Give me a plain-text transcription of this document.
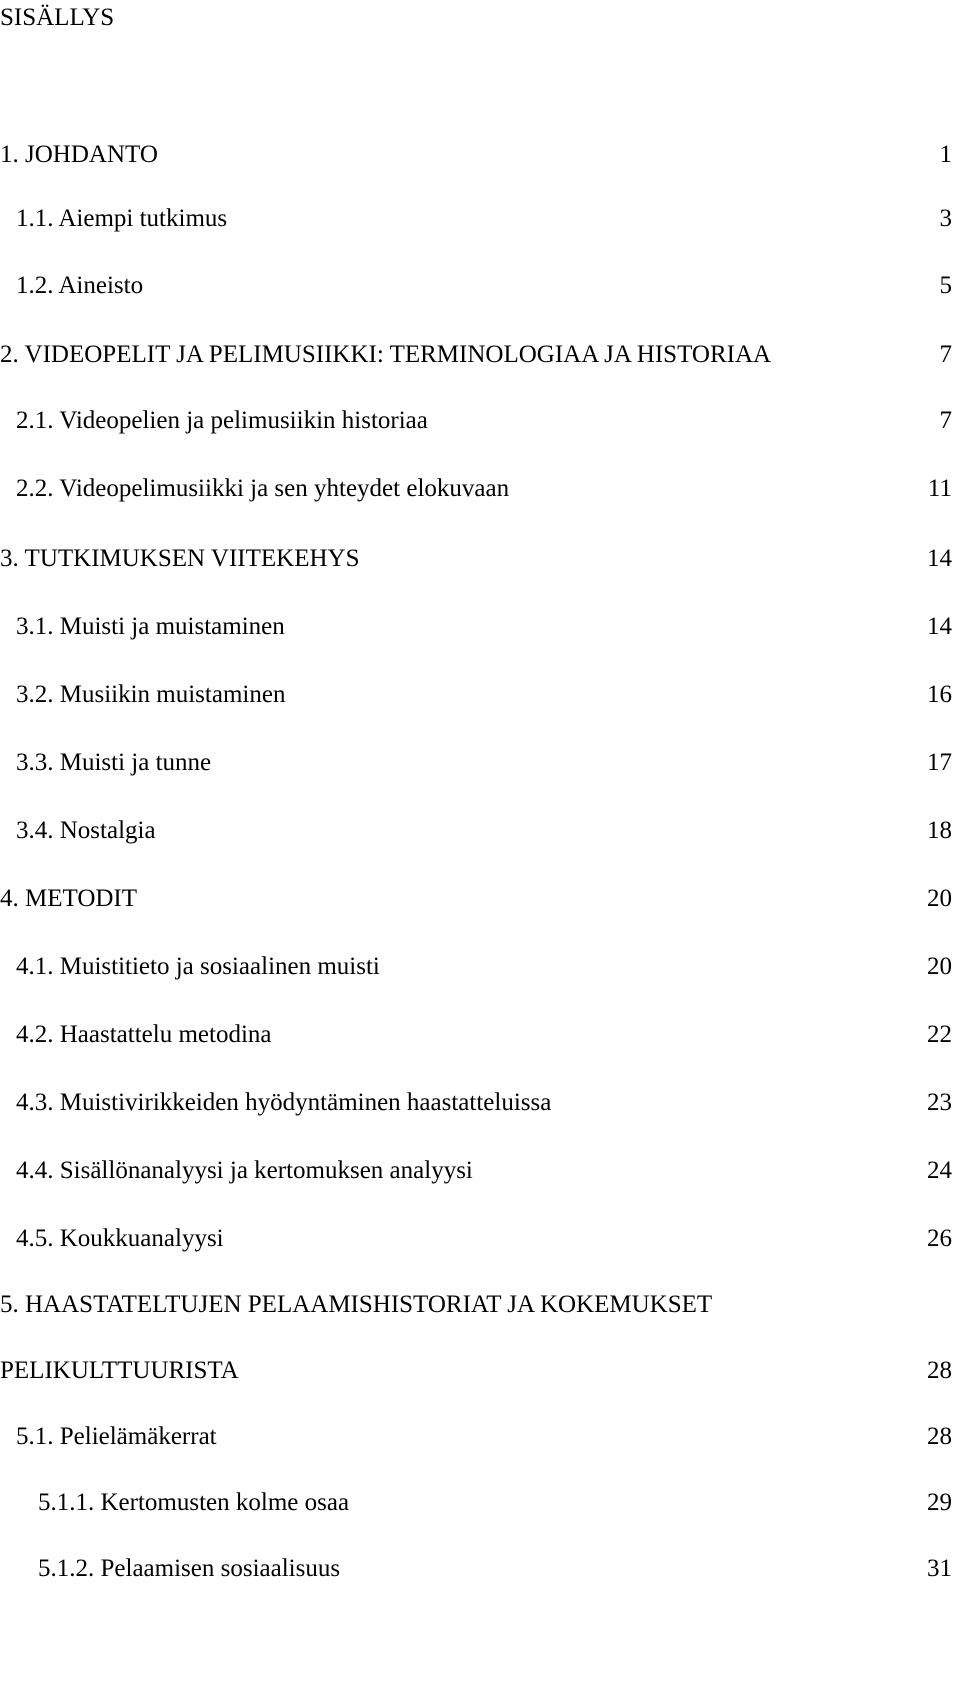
SISÄLLYS
1. JOHDANTO	1
1.1. Aiempi tutkimus	3
1.2. Aineisto	5
2. VIDEOPELIT JA PELIMUSIIKKI: TERMINOLOGIAA JA HISTORIAA	7
2.1. Videopelien ja pelimusiikin historiaa	7
2.2. Videopelimusiikki ja sen yhteydet elokuvaan	11
3. TUTKIMUKSEN VIITEKEHYS	14
3.1. Muisti ja muistaminen	14
3.2. Musiikin muistaminen	16
3.3. Muisti ja tunne	17
3.4. Nostalgia	18
4. METODIT	20
4.1. Muistitieto ja sosiaalinen muisti	20
4.2. Haastattelu metodina	22
4.3. Muistivirikkeiden hyödyntäminen haastatteluissa	23
4.4. Sisällönanalyysi ja kertomuksen analyysi	24
4.5. Koukkuanalyysi	26
5. HAASTATELTUJEN PELAAMISHISTORIAT JA KOKEMUKSET
PELIKULTTUURISTA	28
5.1. Pelielämäkerrat	28
5.1.1. Kertomusten kolme osaa	29
5.1.2. Pelaamisen sosiaalisuus	31
